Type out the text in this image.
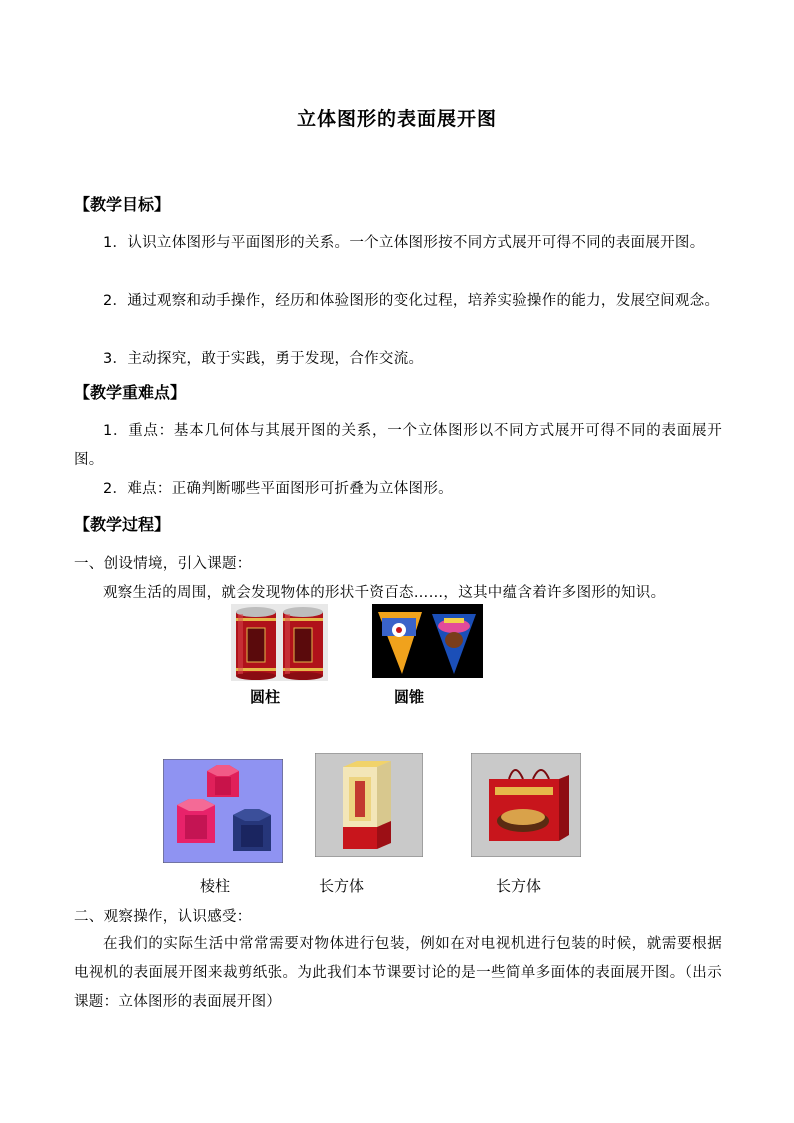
立体图形的表面展开图
【教学目标】
1．认识立体图形与平面图形的关系。一个立体图形按不同方式展开可得不同的表面展开图。
2．通过观察和动手操作，经历和体验图形的变化过程，培养实验操作的能力，发展空间观念。
3．主动探究，敢于实践，勇于发现，合作交流。
【教学重难点】
1．重点：基本几何体与其展开图的关系，一个立体图形以不同方式展开可得不同的表面展开图。
2．难点：正确判断哪些平面图形可折叠为立体图形。
【教学过程】
一、创设情境，引入课题：
观察生活的周围，就会发现物体的形状千资百态……，这其中蕴含着许多图形的知识。
圆柱	圆锥
棱柱	长方体	长方体
二、观察操作，认识感受：
在我们的实际生活中常常需要对物体进行包装，例如在对电视机进行包装的时候，就需要根据电视机的表面展开图来裁剪纸张。为此我们本节课要讨论的是一些简单多面体的表面展开图。（出示课题：立体图形的表面展开图）
